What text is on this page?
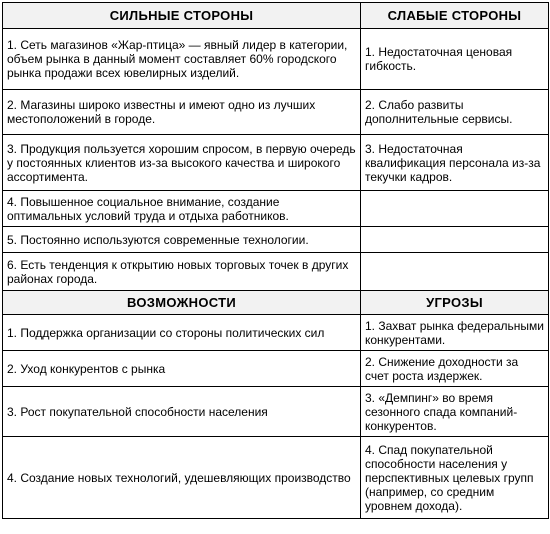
СИЛЬНЫЕ СТОРОНЫ	СЛАБЫЕ СТОРОНЫ
1. Сеть магазинов «Жар-птица» — явный лидер в категории, объем рынка в данный момент составляет 60% городского рынка продажи всех ювелирных изделий.	1. Недостаточная ценовая гибкость.
2. Магазины широко известны и имеют одно из лучших местоположений в городе.	2. Слабо развиты дополнительные сервисы.
3. Продукция пользуется хорошим спросом, в первую очередь у постоянных клиентов из-за высокого качества и широкого ассортимента.	3. Недостаточная квалификация персонала из-за текучки кадров.
4. Повышенное социальное внимание, создание оптимальных условий труда и отдыха работников.	
5. Постоянно используются современные технологии.	
6. Есть тенденция к открытию новых торговых точек в других районах города.	
ВОЗМОЖНОСТИ	УГРОЗЫ
1. Поддержка организации со стороны политических сил	1. Захват рынка федеральными конкурентами.
2. Уход конкурентов с рынка	2. Снижение доходности за счет роста издержек.
3. Рост покупательной способности населения	3. «Демпинг» во время сезонного спада компаний-конкурентов.
4. Создание новых технологий, удешевляющих производство	4. Спад покупательной способности населения у перспективных целевых групп (например, со средним уровнем дохода).
